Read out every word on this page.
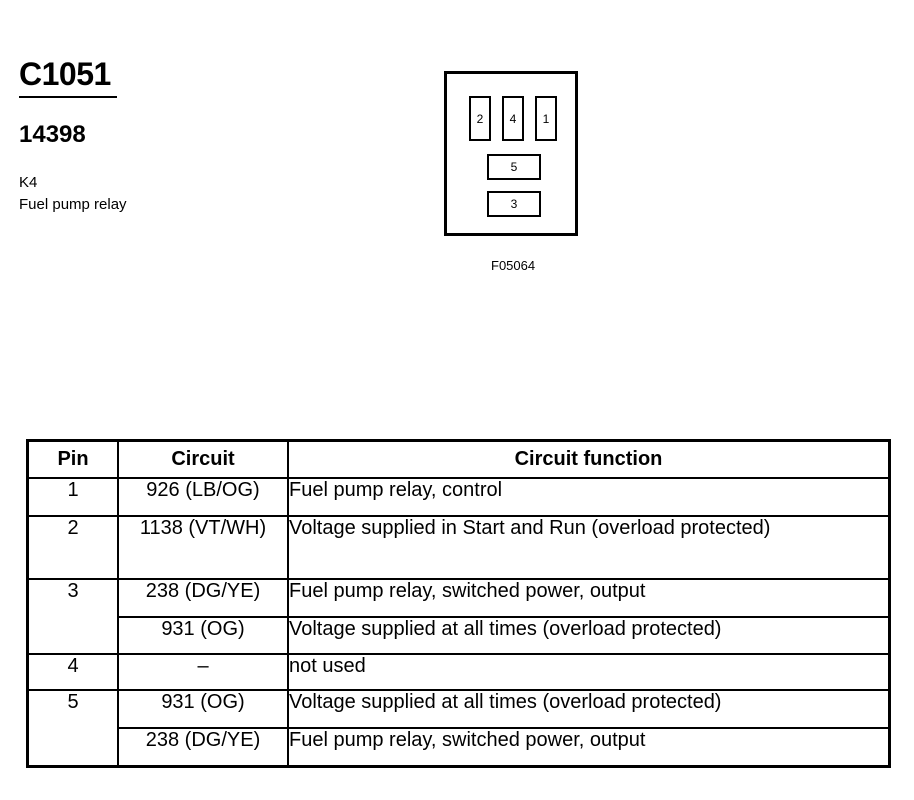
C1051
14398
K4
Fuel pump relay
2	4	1
5
3
F05064
Pin	Circuit	Circuit function
1	926 (LB/OG)	Fuel pump relay, control
2	1138 (VT/WH)	Voltage supplied in Start and Run (overload protected)
3	238 (DG/YE)	Fuel pump relay, switched power, output
	931 (OG)	Voltage supplied at all times (overload protected)
4	–	not used
5	931 (OG)	Voltage supplied at all times (overload protected)
	238 (DG/YE)	Fuel pump relay, switched power, output
